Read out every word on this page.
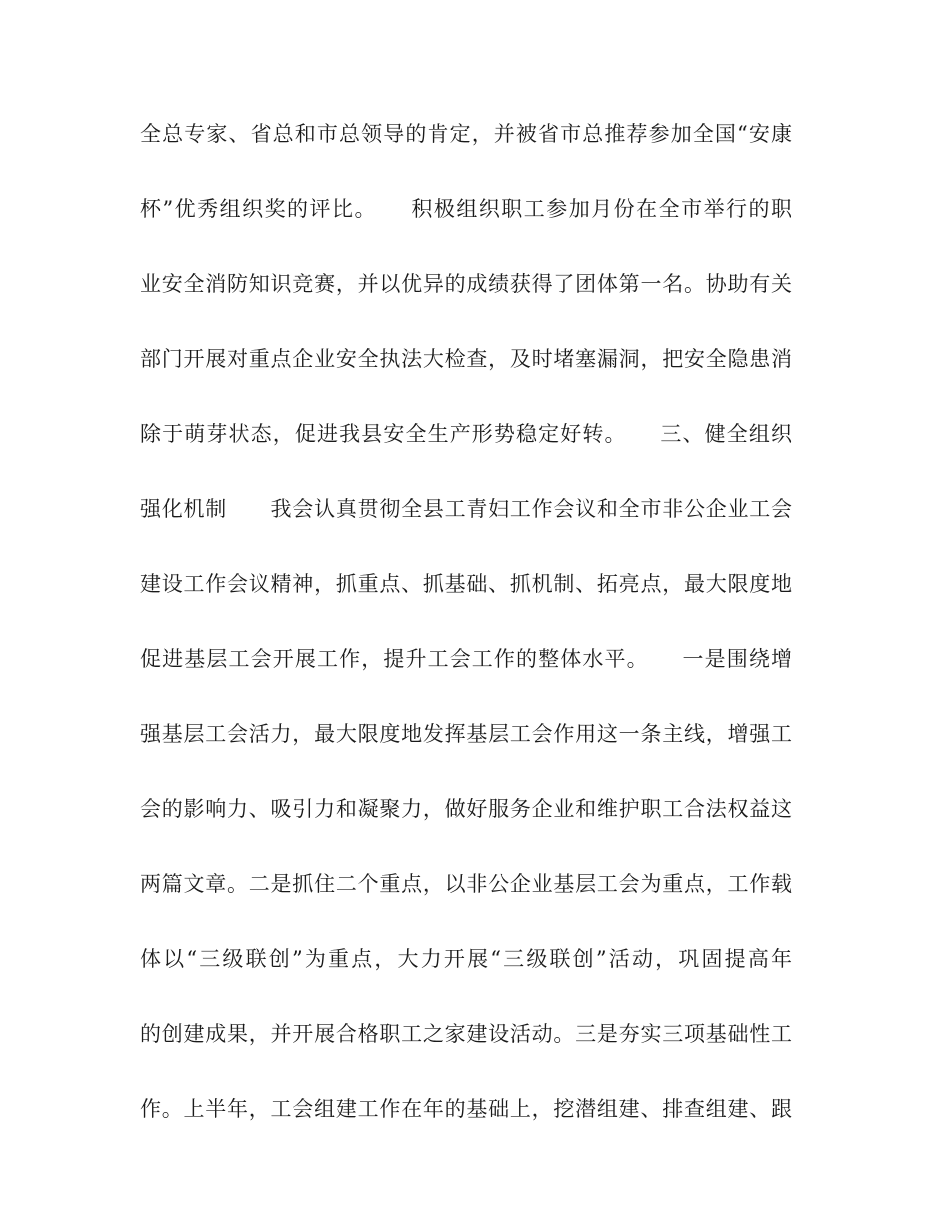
全总专家、省总和市总领导的肯定，并被省市总推荐参加全国“安康
杯”优秀组织奖的评比。　　积极组织职工参加月份在全市举行的职
业安全消防知识竞赛，并以优异的成绩获得了团体第一名。协助有关
部门开展对重点企业安全执法大检查，及时堵塞漏洞，把安全隐患消
除于萌芽状态，促进我县安全生产形势稳定好转。　　三、健全组织
强化机制　　我会认真贯彻全县工青妇工作会议和全市非公企业工会
建设工作会议精神，抓重点、抓基础、抓机制、拓亮点，最大限度地
促进基层工会开展工作，提升工会工作的整体水平。　　一是围绕增
强基层工会活力，最大限度地发挥基层工会作用这一条主线，增强工
会的影响力、吸引力和凝聚力，做好服务企业和维护职工合法权益这
两篇文章。二是抓住二个重点，以非公企业基层工会为重点，工作载
体以“三级联创”为重点，大力开展“三级联创”活动，巩固提高年
的创建成果，并开展合格职工之家建设活动。三是夯实三项基础性工
作。上半年，工会组建工作在年的基础上，挖潜组建、排查组建、跟
